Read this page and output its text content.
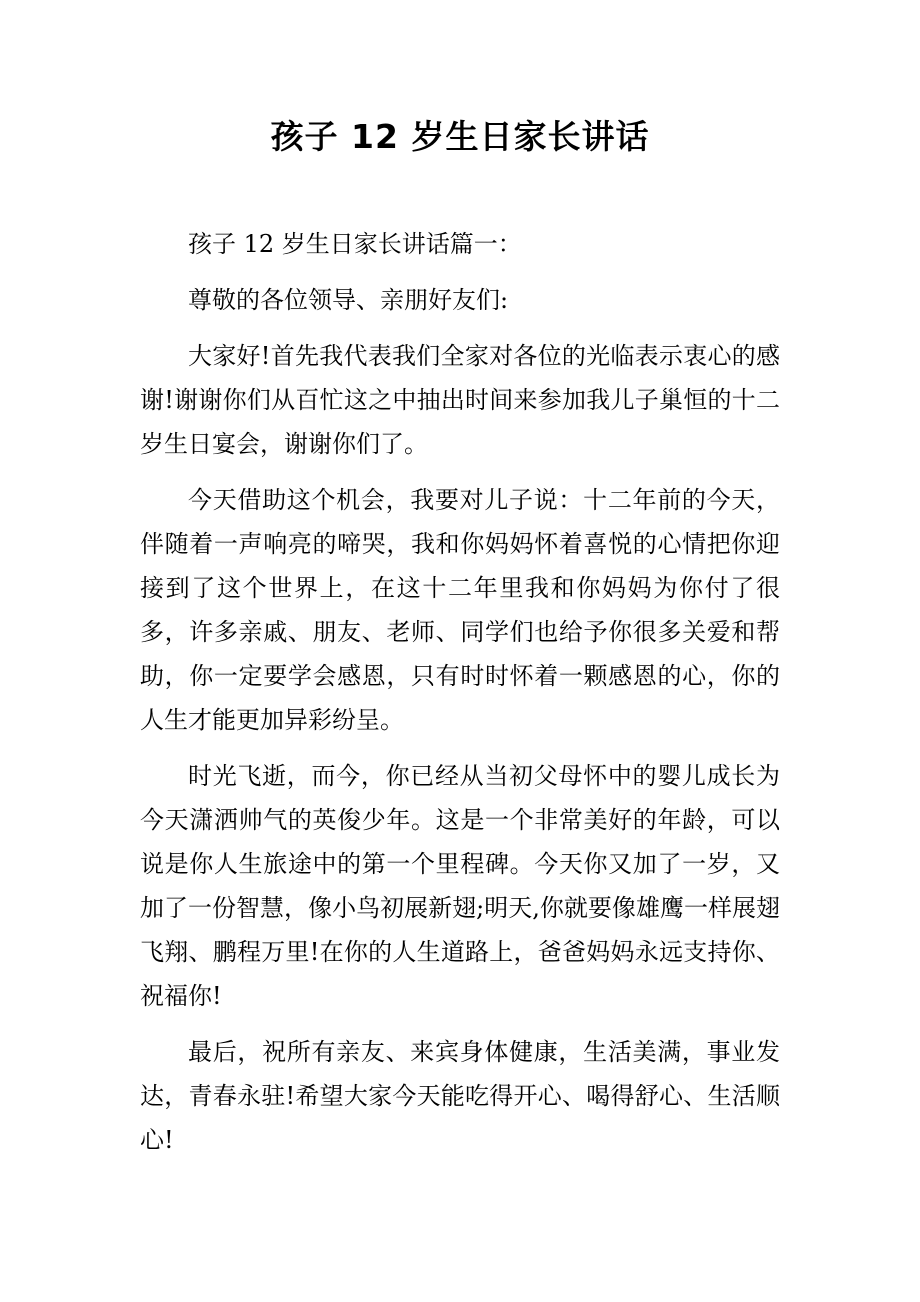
孩子 12 岁生日家长讲话

孩子 12 岁生日家长讲话篇一：

尊敬的各位领导、亲朋好友们:

大家好!首先我代表我们全家对各位的光临表示衷心的感谢!谢谢你们从百忙这之中抽出时间来参加我儿子巢恒的十二岁生日宴会，谢谢你们了。

今天借助这个机会，我要对儿子说：十二年前的今天，伴随着一声响亮的啼哭，我和你妈妈怀着喜悦的心情把你迎接到了这个世界上，在这十二年里我和你妈妈为你付了很多，许多亲戚、朋友、老师、同学们也给予你很多关爱和帮助，你一定要学会感恩，只有时时怀着一颗感恩的心，你的人生才能更加异彩纷呈。

时光飞逝，而今，你已经从当初父母怀中的婴儿成长为今天潇洒帅气的英俊少年。这是一个非常美好的年龄，可以说是你人生旅途中的第一个里程碑。今天你又加了一岁，又加了一份智慧，像小鸟初展新翅;明天,你就要像雄鹰一样展翅飞翔、鹏程万里!在你的人生道路上，爸爸妈妈永远支持你、祝福你!

最后，祝所有亲友、来宾身体健康，生活美满，事业发达，青春永驻!希望大家今天能吃得开心、喝得舒心、生活顺心!
